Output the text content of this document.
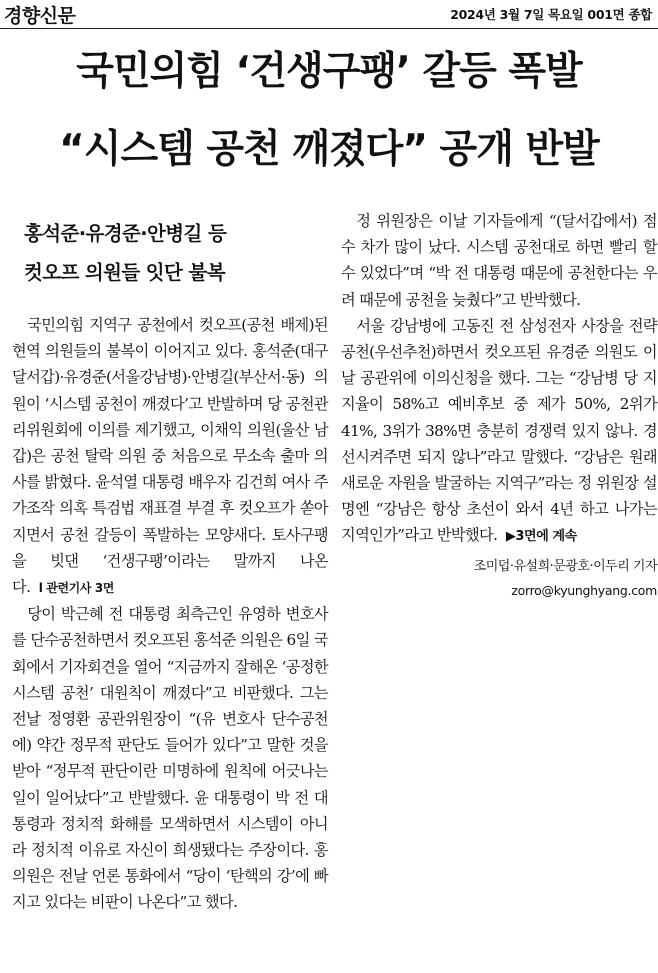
경향신문	2024년 3월 7일 목요일 001면 종합
국민의힘 ‘건생구팽’ 갈등 폭발
“시스템 공천 깨졌다” 공개 반발
홍석준·유경준·안병길 등
컷오프 의원들 잇단 불복

국민의힘 지역구 공천에서 컷오프(공천 배제)된 현역 의원들의 불복이 이어지고 있다. 홍석준(대구달서갑)·유경준(서울강남병)·안병길(부산서·동) 의원이 ‘시스템 공천이 깨졌다’고 반발하며 당 공천관리위원회에 이의를 제기했고, 이채익 의원(울산 남갑)은 공천 탈락 의원 중 처음으로 무소속 출마 의사를 밝혔다. 윤석열 대통령 배우자 김건희 여사 주가조작 의혹 특검법 재표결 부결 후 컷오프가 쏟아지면서 공천 갈등이 폭발하는 모양새다. 토사구팽을 빗댄 ‘건생구팽’이라는 말까지 나온다. l 관련기사 3면

당이 박근혜 전 대통령 최측근인 유영하 변호사를 단수공천하면서 컷오프된 홍석준 의원은 6일 국회에서 기자회견을 열어 “지금까지 잘해온 ‘공정한 시스템 공천’ 대원칙이 깨졌다”고 비판했다. 그는 전날 정영환 공관위원장이 “(유 변호사 단수공천에) 약간 정무적 판단도 들어가 있다”고 말한 것을 받아 “정무적 판단이란 미명하에 원칙에 어긋나는 일이 일어났다”고 반발했다. 윤 대통령이 박 전 대통령과 정치적 화해를 모색하면서 시스템이 아니라 정치적 이유로 자신이 희생됐다는 주장이다. 홍 의원은 전날 언론 통화에서 “당이 ‘탄핵의 강’에 빠지고 있다는 비판이 나온다”고 했다.

정 위원장은 이날 기자들에게 “(달서갑에서) 점수 차가 많이 났다. 시스템 공천대로 하면 빨리 할 수 있었다”며 “박 전 대통령 때문에 공천한다는 우려 때문에 공천을 늦췄다”고 반박했다.

서울 강남병에 고동진 전 삼성전자 사장을 전략공천(우선추천)하면서 컷오프된 유경준 의원도 이날 공관위에 이의신청을 했다. 그는 “강남병 당 지지율이 58%고 예비후보 중 제가 50%, 2위가 41%, 3위가 38%면 충분히 경쟁력 있지 않나. 경선시켜주면 되지 않나”라고 말했다. “강남은 원래 새로운 자원을 발굴하는 지역구”라는 정 위원장 설명엔 “강남은 항상 초선이 와서 4년 하고 나가는 지역인가”라고 반박했다. ▶3면에 계속

조미덥·유설희·문광호·이두리 기자
zorro@kyunghyang.com
